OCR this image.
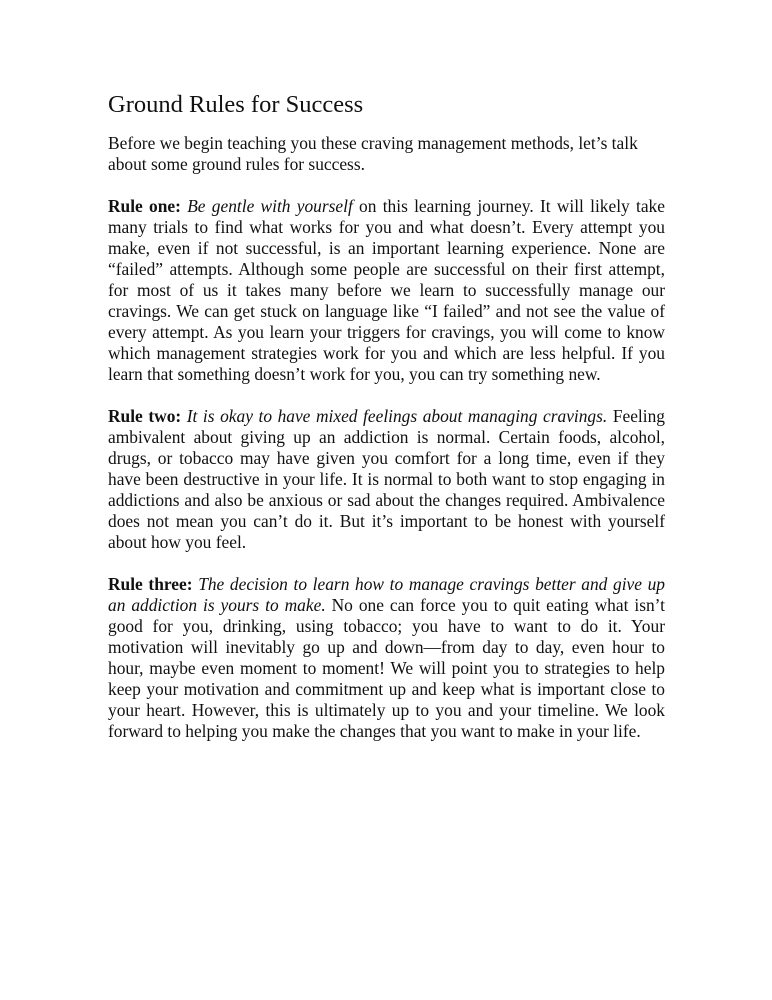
Ground Rules for Success

Before we begin teaching you these craving management methods, let’s talk about some ground rules for success.

Rule one: Be gentle with yourself on this learning journey. It will likely take many trials to find what works for you and what doesn’t. Every attempt you make, even if not successful, is an important learning experience. None are “failed” attempts. Although some people are successful on their first attempt, for most of us it takes many before we learn to successfully manage our cravings. We can get stuck on language like “I failed” and not see the value of every attempt. As you learn your triggers for cravings, you will come to know which management strategies work for you and which are less helpful. If you learn that something doesn’t work for you, you can try something new.

Rule two: It is okay to have mixed feelings about managing cravings. Feeling ambivalent about giving up an addiction is normal. Certain foods, alcohol, drugs, or tobacco may have given you comfort for a long time, even if they have been destructive in your life. It is normal to both want to stop engaging in addictions and also be anxious or sad about the changes required. Ambivalence does not mean you can’t do it. But it’s important to be honest with yourself about how you feel.

Rule three: The decision to learn how to manage cravings better and give up an addiction is yours to make. No one can force you to quit eating what isn’t good for you, drinking, using tobacco; you have to want to do it. Your motivation will inevitably go up and down—from day to day, even hour to hour, maybe even moment to moment! We will point you to strategies to help keep your motivation and commitment up and keep what is important close to your heart. However, this is ultimately up to you and your timeline. We look forward to helping you make the changes that you want to make in your life.
